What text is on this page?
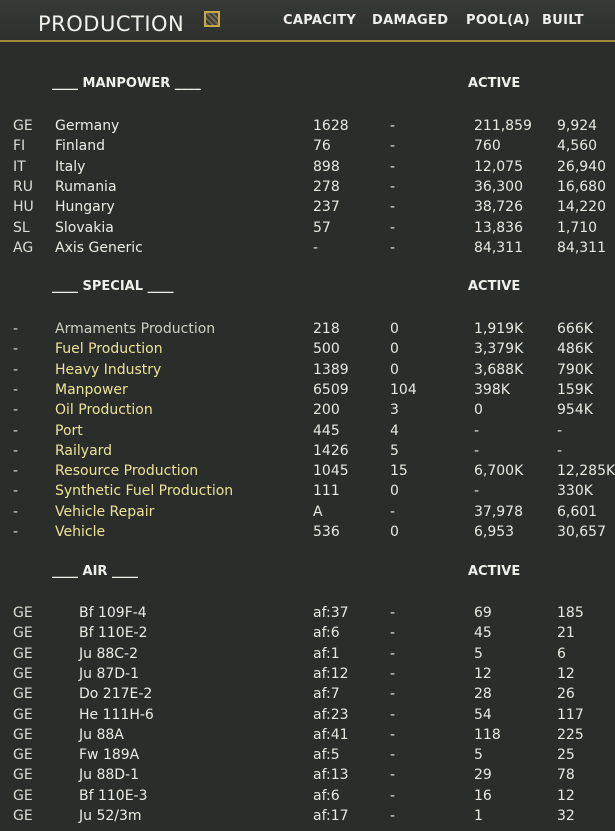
PRODUCTION	CAPACITY DAMAGED POOL(A) BUILT
____ MANPOWER ____	ACTIVE
GE Germany	1628	-	211,859 9,924
FI Finland	76	-	760	4,560
IT Italy	898	-	12,075 26,940
RU Rumania	278	-	36,300 16,680
HU Hungary	237	-	38,726 14,220
SL Slovakia	57	-	13,836 1,710
AG Axis Generic	-	-	84,311 84,311
____ SPECIAL ____	ACTIVE
-	Armaments Production	218	0	1,919K 666K
-	Fuel Production	500	0	3,379K 486K
-	Heavy Industry	1389	0	3,688K 790K
-	Manpower	6509	104	398K	159K
-	Oil Production	200	3	0	954K
-	Port	445	4	-	-
-	Railyard	1426	5	-	-
-	Resource Production	1045	15	6,700K 12,285K
-	Synthetic Fuel Production	111	0	-	330K
-	Vehicle Repair	A	-	37,978 6,601
-	Vehicle	536	0	6,953	30,657
____ AIR ____	ACTIVE
GE	Bf 109F-4	af:37	-	69	185
GE	Bf 110E-2	af:6	-	45	21
GE	Ju 88C-2	af:1	-	5	6
GE	Ju 87D-1	af:12	-	12	12
GE	Do 217E-2	af:7	-	28	26
GE	He 111H-6	af:23	-	54	117
GE	Ju 88A	af:41	-	118	225
GE	Fw 189A	af:5	-	5	25
GE	Ju 88D-1	af:13	-	29	78
GE	Bf 110E-3	af:6	-	16	12
GE	Ju 52/3m	af:17	-	1	32
